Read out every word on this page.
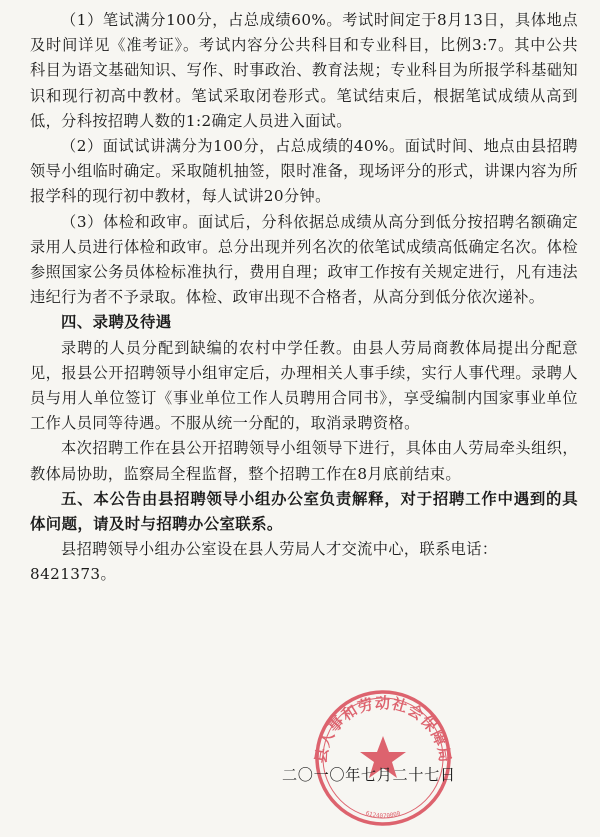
（1）笔试满分100分，占总成绩60%。考试时间定于8月13日，具体地点及时间详见《准考证》。考试内容分公共科目和专业科目，比例3:7。其中公共科目为语文基础知识、写作、时事政治、教育法规；专业科目为所报学科基础知识和现行初高中教材。笔试采取闭卷形式。笔试结束后，根据笔试成绩从高到低，分科按招聘人数的1:2确定人员进入面试。

（2）面试试讲满分为100分，占总成绩的40%。面试时间、地点由县招聘领导小组临时确定。采取随机抽签，限时准备，现场评分的形式，讲课内容为所报学科的现行初中教材，每人试讲20分钟。

（3）体检和政审。面试后，分科依据总成绩从高分到低分按招聘名额确定录用人员进行体检和政审。总分出现并列名次的依笔试成绩高低确定名次。体检参照国家公务员体检标准执行，费用自理；政审工作按有关规定进行，凡有违法违纪行为者不予录取。体检、政审出现不合格者，从高分到低分依次递补。

四、录聘及待遇

录聘的人员分配到缺编的农村中学任教。由县人劳局商教体局提出分配意见，报县公开招聘领导小组审定后，办理相关人事手续，实行人事代理。录聘人员与用人单位签订《事业单位工作人员聘用合同书》，享受编制内国家事业单位工作人员同等待遇。不服从统一分配的，取消录聘资格。

本次招聘工作在县公开招聘领导小组领导下进行，具体由人劳局牵头组织，教体局协助，监察局全程监督，整个招聘工作在8月底前结束。

五、本公告由县招聘领导小组办公室负责解释，对于招聘工作中遇到的具体问题，请及时与招聘办公室联系。

县招聘领导小组办公室设在县人劳局人才交流中心，联系电话：

8421373。

县人事和劳动社会保障局
6124070000
二〇一〇年七月二十七日
